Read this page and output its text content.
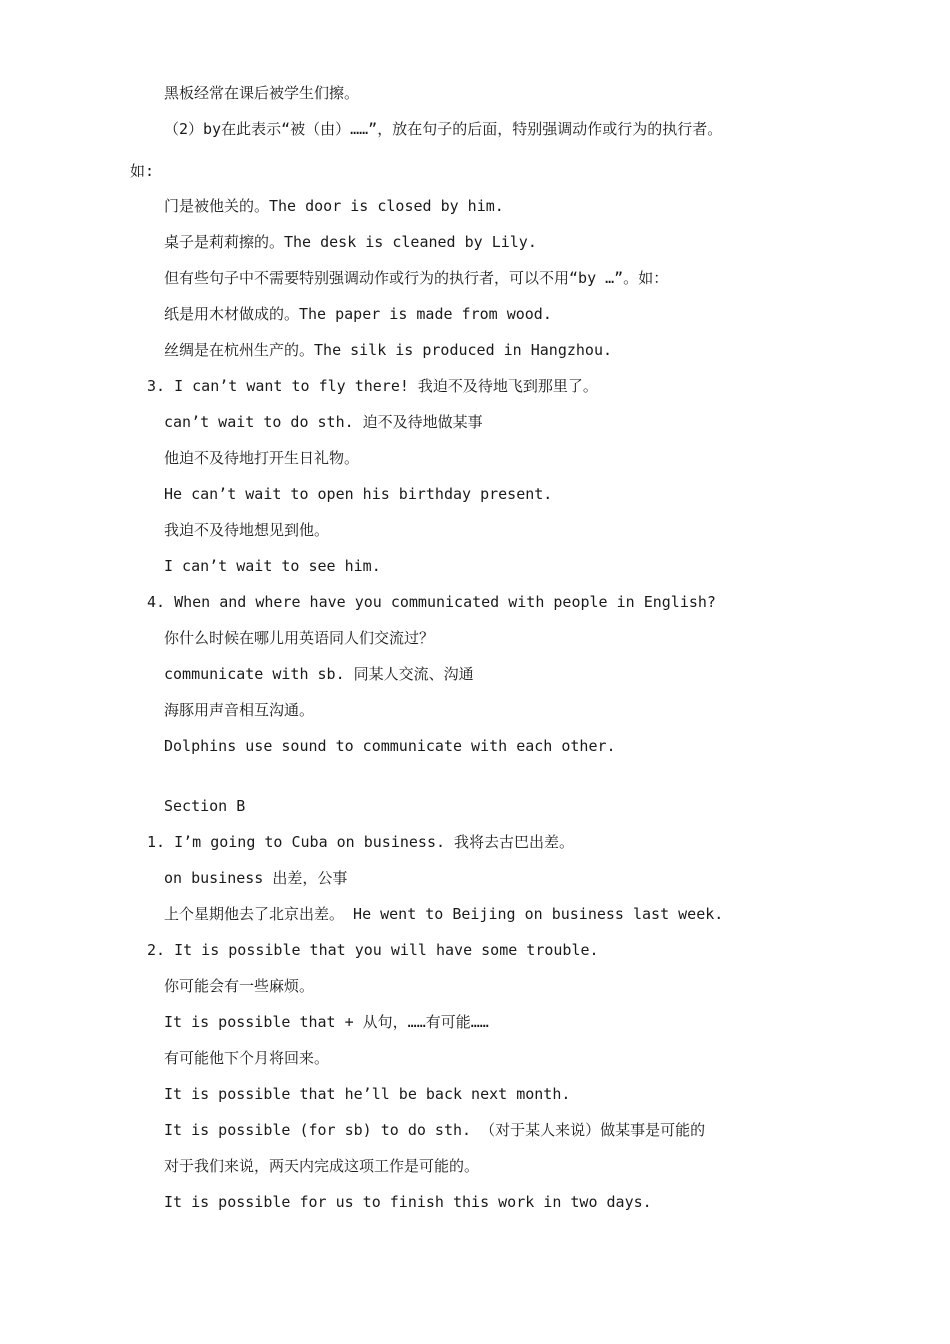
黑板经常在课后被学生们擦。
（2）by在此表示“被（由）……”，放在句子的后面，特别强调动作或行为的执行者。
如:
门是被他关的。The door is closed by him.
桌子是莉莉擦的。The desk is cleaned by Lily.
但有些句子中不需要特别强调动作或行为的执行者，可以不用“by …”。如：
纸是用木材做成的。The paper is made from wood.
丝绸是在杭州生产的。The silk is produced in Hangzhou.
3. I can’t want to fly there! 我迫不及待地飞到那里了。
can’t wait to do sth. 迫不及待地做某事
他迫不及待地打开生日礼物。
He can’t wait to open his birthday present.
我迫不及待地想见到他。
I can’t wait to see him.
4. When and where have you communicated with people in English?
你什么时候在哪儿用英语同人们交流过？
communicate with sb. 同某人交流、沟通
海豚用声音相互沟通。
Dolphins use sound to communicate with each other.
Section B
1. I’m going to Cuba on business. 我将去古巴出差。
on business 出差，公事
上个星期他去了北京出差。 He went to Beijing on business last week.
2. It is possible that you will have some trouble.
你可能会有一些麻烦。
It is possible that + 从句，……有可能……
有可能他下个月将回来。
It is possible that he’ll be back next month.
It is possible (for sb) to do sth. （对于某人来说）做某事是可能的
对于我们来说，两天内完成这项工作是可能的。
It is possible for us to finish this work in two days.
